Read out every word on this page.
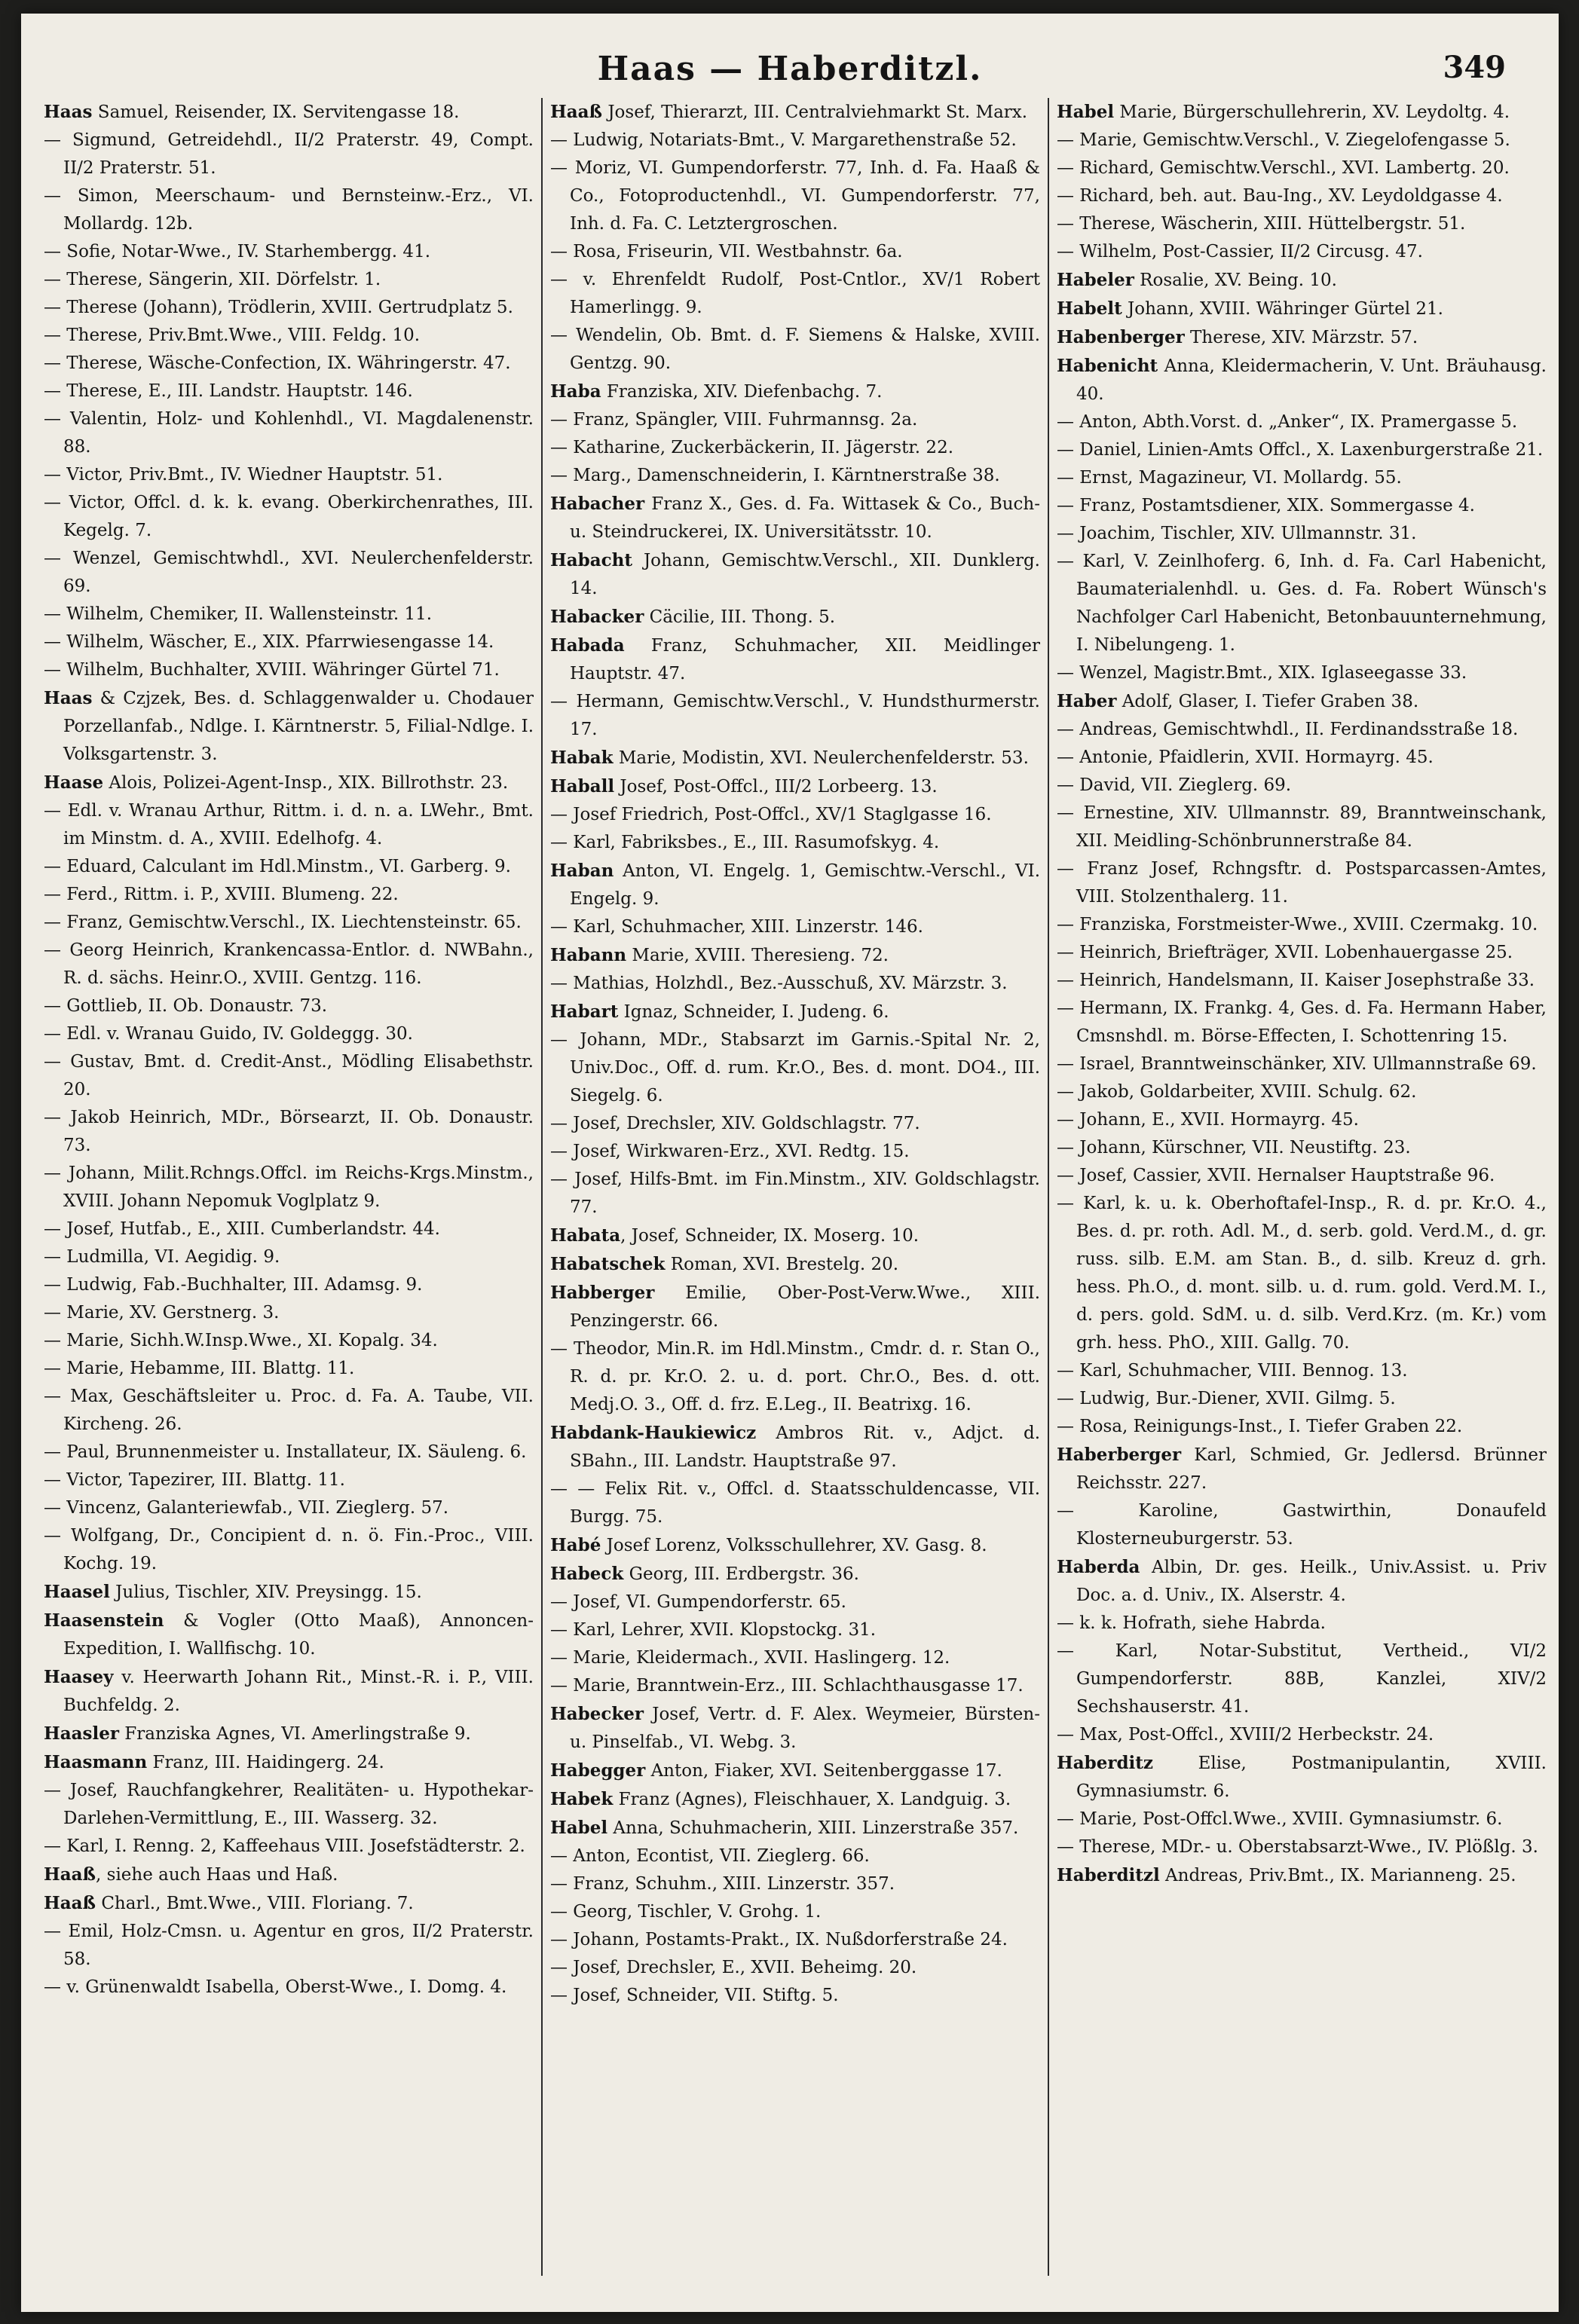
Haas — Haberditzl.	349

Haas Samuel, Reisender, IX. Servitengasse 18.

— Sigmund, Getreidehdl., II/2 Praterstr. 49, Compt. II/2 Praterstr. 51.

— Simon, Meerschaum- und Bernsteinw.-Erz., VI. Mollardg. 12b.

— Sofie, Notar-Wwe., IV. Starhembergg. 41.

— Therese, Sängerin, XII. Dörfelstr. 1.

— Therese (Johann), Trödlerin, XVIII. Gertrudplatz 5.

— Therese, Priv.Bmt.Wwe., VIII. Feldg. 10.

— Therese, Wäsche-Confection, IX. Währingerstr. 47.

— Therese, E., III. Landstr. Hauptstr. 146.

— Valentin, Holz- und Kohlenhdl., VI. Magdalenenstr. 88.

— Victor, Priv.Bmt., IV. Wiedner Hauptstr. 51.

— Victor, Offcl. d. k. k. evang. Oberkirchenrathes, III. Kegelg. 7.

— Wenzel, Gemischtwhdl., XVI. Neulerchenfelderstr. 69.

— Wilhelm, Chemiker, II. Wallensteinstr. 11.

— Wilhelm, Wäscher, E., XIX. Pfarrwiesengasse 14.

— Wilhelm, Buchhalter, XVIII. Währinger Gürtel 71.

Haas & Czjzek, Bes. d. Schlaggenwalder u. Chodauer Porzellanfab., Ndlge. I. Kärntnerstr. 5, Filial-Ndlge. I. Volksgartenstr. 3.

Haase Alois, Polizei-Agent-Insp., XIX. Billrothstr. 23.

— Edl. v. Wranau Arthur, Rittm. i. d. n. a. LWehr., Bmt. im Minstm. d. A., XVIII. Edelhofg. 4.

— Eduard, Calculant im Hdl.Minstm., VI. Garberg. 9.

— Ferd., Rittm. i. P., XVIII. Blumeng. 22.

— Franz, Gemischtw.Verschl., IX. Liechtensteinstr. 65.

— Georg Heinrich, Krankencassa-Entlor. d. NWBahn., R. d. sächs. Heinr.O., XVIII. Gentzg. 116.

— Gottlieb, II. Ob. Donaustr. 73.

— Edl. v. Wranau Guido, IV. Goldeggg. 30.

— Gustav, Bmt. d. Credit-Anst., Mödling Elisabethstr. 20.

— Jakob Heinrich, MDr., Börsearzt, II. Ob. Donaustr. 73.

— Johann, Milit.Rchngs.Offcl. im Reichs-Krgs.Minstm., XVIII. Johann Nepomuk Voglplatz 9.

— Josef, Hutfab., E., XIII. Cumberlandstr. 44.

— Ludmilla, VI. Aegidig. 9.

— Ludwig, Fab.-Buchhalter, III. Adamsg. 9.

— Marie, XV. Gerstnerg. 3.

— Marie, Sichh.W.Insp.Wwe., XI. Kopalg. 34.

— Marie, Hebamme, III. Blattg. 11.

— Max, Geschäftsleiter u. Proc. d. Fa. A. Taube, VII. Kircheng. 26.

— Paul, Brunnenmeister u. Installateur, IX. Säuleng. 6.

— Victor, Tapezirer, III. Blattg. 11.

— Vincenz, Galanteriewfab., VII. Zieglerg. 57.

— Wolfgang, Dr., Concipient d. n. ö. Fin.-Proc., VIII. Kochg. 19.

Haasel Julius, Tischler, XIV. Preysingg. 15.

Haasenstein & Vogler (Otto Maaß), Annoncen-Expedition, I. Wallfischg. 10.

Haasey v. Heerwarth Johann Rit., Minst.-R. i. P., VIII. Buchfeldg. 2.

Haasler Franziska Agnes, VI. Amerlingstraße 9.

Haasmann Franz, III. Haidingerg. 24.

— Josef, Rauchfangkehrer, Realitäten- u. Hypothekar-Darlehen-Vermittlung, E., III. Wasserg. 32.

— Karl, I. Renng. 2, Kaffeehaus VIII. Josefstädterstr. 2.

Haaß, siehe auch Haas und Haß.

Haaß Charl., Bmt.Wwe., VIII. Floriang. 7.

— Emil, Holz-Cmsn. u. Agentur en gros, II/2 Praterstr. 58.

— v. Grünenwaldt Isabella, Oberst-Wwe., I. Domg. 4.

Haaß Josef, Thierarzt, III. Centralviehmarkt St. Marx.

— Ludwig, Notariats-Bmt., V. Margarethenstraße 52.

— Moriz, VI. Gumpendorferstr. 77, Inh. d. Fa. Haaß & Co., Fotoproductenhdl., VI. Gumpendorferstr. 77, Inh. d. Fa. C. Letztergroschen.

— Rosa, Friseurin, VII. Westbahnstr. 6a.

— v. Ehrenfeldt Rudolf, Post-Cntlor., XV/1 Robert Hamerlingg. 9.

— Wendelin, Ob. Bmt. d. F. Siemens & Halske, XVIII. Gentzg. 90.

Haba Franziska, XIV. Diefenbachg. 7.

— Franz, Spängler, VIII. Fuhrmannsg. 2a.

— Katharine, Zuckerbäckerin, II. Jägerstr. 22.

— Marg., Damenschneiderin, I. Kärntnerstraße 38.

Habacher Franz X., Ges. d. Fa. Wittasek & Co., Buch- u. Steindruckerei, IX. Universitätsstr. 10.

Habacht Johann, Gemischtw.Verschl., XII. Dunklerg. 14.

Habacker Cäcilie, III. Thong. 5.

Habada Franz, Schuhmacher, XII. Meidlinger Hauptstr. 47.

— Hermann, Gemischtw.Verschl., V. Hundsthurmerstr. 17.

Habak Marie, Modistin, XVI. Neulerchenfelderstr. 53.

Haball Josef, Post-Offcl., III/2 Lorbeerg. 13.

— Josef Friedrich, Post-Offcl., XV/1 Staglgasse 16.

— Karl, Fabriksbes., E., III. Rasumofskyg. 4.

Haban Anton, VI. Engelg. 1, Gemischtw.-Verschl., VI. Engelg. 9.

— Karl, Schuhmacher, XIII. Linzerstr. 146.

Habann Marie, XVIII. Theresieng. 72.

— Mathias, Holzhdl., Bez.-Ausschuß, XV. Märzstr. 3.

Habart Ignaz, Schneider, I. Judeng. 6.

— Johann, MDr., Stabsarzt im Garnis.-Spital Nr. 2, Univ.Doc., Off. d. rum. Kr.O., Bes. d. mont. DO4., III. Siegelg. 6.

— Josef, Drechsler, XIV. Goldschlagstr. 77.

— Josef, Wirkwaren-Erz., XVI. Redtg. 15.

— Josef, Hilfs-Bmt. im Fin.Minstm., XIV. Goldschlagstr. 77.

Habata, Josef, Schneider, IX. Moserg. 10.

Habatschek Roman, XVI. Brestelg. 20.

Habberger Emilie, Ober-Post-Verw.Wwe., XIII. Penzingerstr. 66.

— Theodor, Min.R. im Hdl.Minstm., Cmdr. d. r. Stan O., R. d. pr. Kr.O. 2. u. d. port. Chr.O., Bes. d. ott. Medj.O. 3., Off. d. frz. E.Leg., II. Beatrixg. 16.

Habdank-Haukiewicz Ambros Rit. v., Adjct. d. SBahn., III. Landstr. Hauptstraße 97.

— — Felix Rit. v., Offcl. d. Staatsschuldencasse, VII. Burgg. 75.

Habé Josef Lorenz, Volksschullehrer, XV. Gasg. 8.

Habeck Georg, III. Erdbergstr. 36.

— Josef, VI. Gumpendorferstr. 65.

— Karl, Lehrer, XVII. Klopstockg. 31.

— Marie, Kleidermach., XVII. Haslingerg. 12.

— Marie, Branntwein-Erz., III. Schlachthausgasse 17.

Habecker Josef, Vertr. d. F. Alex. Weymeier, Bürsten- u. Pinselfab., VI. Webg. 3.

Habegger Anton, Fiaker, XVI. Seitenberggasse 17.

Habek Franz (Agnes), Fleischhauer, X. Landguig. 3.

Habel Anna, Schuhmacherin, XIII. Linzerstraße 357.

— Anton, Econtist, VII. Zieglerg. 66.

— Franz, Schuhm., XIII. Linzerstr. 357.

— Georg, Tischler, V. Grohg. 1.

— Johann, Postamts-Prakt., IX. Nußdorferstraße 24.

— Josef, Drechsler, E., XVII. Beheimg. 20.

— Josef, Schneider, VII. Stiftg. 5.

Habel Marie, Bürgerschullehrerin, XV. Leydoltg. 4.

— Marie, Gemischtw.Verschl., V. Ziegelofengasse 5.

— Richard, Gemischtw.Verschl., XVI. Lambertg. 20.

— Richard, beh. aut. Bau-Ing., XV. Leydoldgasse 4.

— Therese, Wäscherin, XIII. Hüttelbergstr. 51.

— Wilhelm, Post-Cassier, II/2 Circusg. 47.

Habeler Rosalie, XV. Being. 10.

Habelt Johann, XVIII. Währinger Gürtel 21.

Habenberger Therese, XIV. Märzstr. 57.

Habenicht Anna, Kleidermacherin, V. Unt. Bräuhausg. 40.

— Anton, Abth.Vorst. d. „Anker“, IX. Pramergasse 5.

— Daniel, Linien-Amts Offcl., X. Laxenburgerstraße 21.

— Ernst, Magazineur, VI. Mollardg. 55.

— Franz, Postamtsdiener, XIX. Sommergasse 4.

— Joachim, Tischler, XIV. Ullmannstr. 31.

— Karl, V. Zeinlhoferg. 6, Inh. d. Fa. Carl Habenicht, Baumaterialenhdl. u. Ges. d. Fa. Robert Wünsch's Nachfolger Carl Habenicht, Betonbauunternehmung, I. Nibelungeng. 1.

— Wenzel, Magistr.Bmt., XIX. Iglaseegasse 33.

Haber Adolf, Glaser, I. Tiefer Graben 38.

— Andreas, Gemischtwhdl., II. Ferdinandsstraße 18.

— Antonie, Pfaidlerin, XVII. Hormayrg. 45.

— David, VII. Zieglerg. 69.

— Ernestine, XIV. Ullmannstr. 89, Branntweinschank, XII. Meidling-Schönbrunnerstraße 84.

— Franz Josef, Rchngsftr. d. Postsparcassen-Amtes, VIII. Stolzenthalerg. 11.

— Franziska, Forstmeister-Wwe., XVIII. Czermakg. 10.

— Heinrich, Briefträger, XVII. Lobenhauergasse 25.

— Heinrich, Handelsmann, II. Kaiser Josephstraße 33.

— Hermann, IX. Frankg. 4, Ges. d. Fa. Hermann Haber, Cmsnshdl. m. Börse-Effecten, I. Schottenring 15.

— Israel, Branntweinschänker, XIV. Ullmannstraße 69.

— Jakob, Goldarbeiter, XVIII. Schulg. 62.

— Johann, E., XVII. Hormayrg. 45.

— Johann, Kürschner, VII. Neustiftg. 23.

— Josef, Cassier, XVII. Hernalser Hauptstraße 96.

— Karl, k. u. k. Oberhoftafel-Insp., R. d. pr. Kr.O. 4., Bes. d. pr. roth. Adl. M., d. serb. gold. Verd.M., d. gr. russ. silb. E.M. am Stan. B., d. silb. Kreuz d. grh. hess. Ph.O., d. mont. silb. u. d. rum. gold. Verd.M. I., d. pers. gold. SdM. u. d. silb. Verd.Krz. (m. Kr.) vom grh. hess. PhO., XIII. Gallg. 70.

— Karl, Schuhmacher, VIII. Bennog. 13.

— Ludwig, Bur.-Diener, XVII. Gilmg. 5.

— Rosa, Reinigungs-Inst., I. Tiefer Graben 22.

Haberberger Karl, Schmied, Gr. Jedlersd. Brünner Reichsstr. 227.

— Karoline, Gastwirthin, Donaufeld Klosterneuburgerstr. 53.

Haberda Albin, Dr. ges. Heilk., Univ.Assist. u. Priv Doc. a. d. Univ., IX. Alserstr. 4.

— k. k. Hofrath, siehe Habrda.

— Karl, Notar-Substitut, Vertheid., VI/2 Gumpendorferstr. 88B, Kanzlei, XIV/2 Sechshauserstr. 41.

— Max, Post-Offcl., XVIII/2 Herbeckstr. 24.

Haberditz Elise, Postmanipulantin, XVIII. Gymnasiumstr. 6.

— Marie, Post-Offcl.Wwe., XVIII. Gymnasiumstr. 6.

— Therese, MDr.- u. Oberstabsarzt-Wwe., IV. Plößlg. 3.

Haberditzl Andreas, Priv.Bmt., IX. Marianneng. 25.
